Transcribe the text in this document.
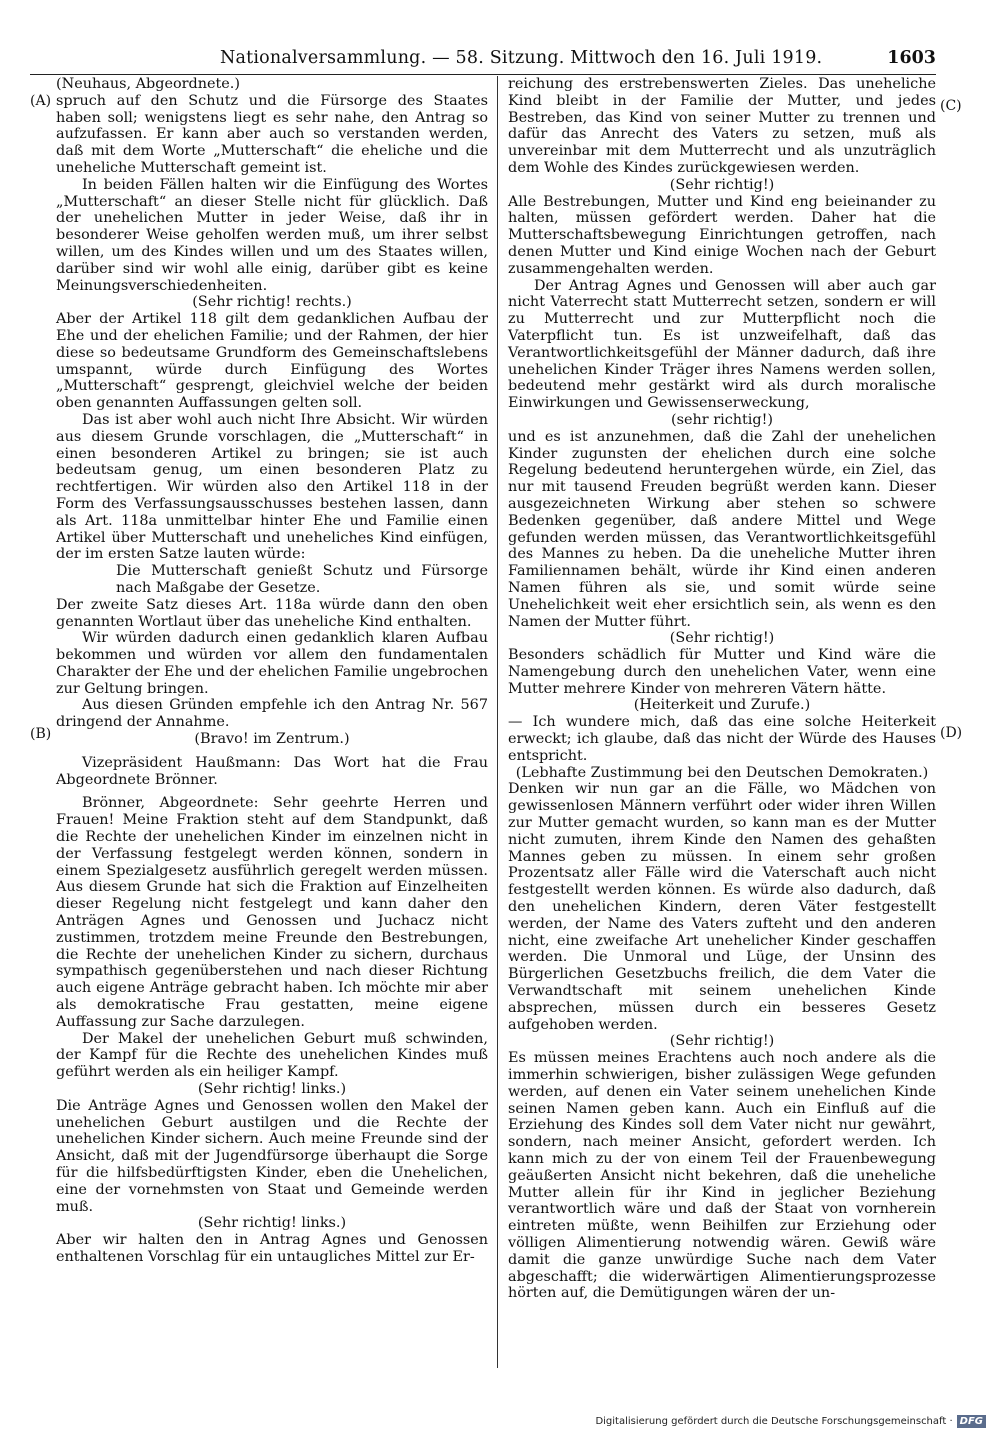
Nationalversammlung. — 58. Sitzung. Mittwoch den 16. Juli 1919.	1603
(A)
(B)
(C)
(D)

(Neuhaus, Abgeordnete.)

spruch auf den Schutz und die Fürsorge des Staates haben soll; wenigstens liegt es sehr nahe, den Antrag so aufzufassen. Er kann aber auch so verstanden werden, daß mit dem Worte „Mutterschaft“ die eheliche und die uneheliche Mutterschaft gemeint ist.

In beiden Fällen halten wir die Einfügung des Wortes „Mutterschaft“ an dieser Stelle nicht für glücklich. Daß der unehelichen Mutter in jeder Weise, daß ihr in besonderer Weise geholfen werden muß, um ihrer selbst willen, um des Kindes willen und um des Staates willen, darüber sind wir wohl alle einig, darüber gibt es keine Meinungsverschiedenheiten.

(Sehr richtig! rechts.)

Aber der Artikel 118 gilt dem gedanklichen Aufbau der Ehe und der ehelichen Familie; und der Rahmen, der hier diese so bedeutsame Grundform des Gemeinschaftslebens umspannt, würde durch Einfügung des Wortes „Mutterschaft“ gesprengt, gleichviel welche der beiden oben genannten Auffassungen gelten soll.

Das ist aber wohl auch nicht Ihre Absicht. Wir würden aus diesem Grunde vorschlagen, die „Mutterschaft“ in einen besonderen Artikel zu bringen; sie ist auch bedeutsam genug, um einen besonderen Platz zu rechtfertigen. Wir würden also den Artikel 118 in der Form des Verfassungsausschusses bestehen lassen, dann als Art. 118a unmittelbar hinter Ehe und Familie einen Artikel über Mutterschaft und uneheliches Kind einfügen, der im ersten Satze lauten würde:

Die Mutterschaft genießt Schutz und Fürsorge nach Maßgabe der Gesetze.

Der zweite Satz dieses Art. 118a würde dann den oben genannten Wortlaut über das uneheliche Kind enthalten.

Wir würden dadurch einen gedanklich klaren Aufbau bekommen und würden vor allem den fundamentalen Charakter der Ehe und der ehelichen Familie ungebrochen zur Geltung bringen.

Aus diesen Gründen empfehle ich den Antrag Nr. 567 dringend der Annahme.

(Bravo! im Zentrum.)

Vizepräsident Haußmann: Das Wort hat die Frau Abgeordnete Brönner.

Brönner, Abgeordnete: Sehr geehrte Herren und Frauen! Meine Fraktion steht auf dem Standpunkt, daß die Rechte der unehelichen Kinder im einzelnen nicht in der Verfassung festgelegt werden können, sondern in einem Spezialgesetz ausführlich geregelt werden müssen. Aus diesem Grunde hat sich die Fraktion auf Einzelheiten dieser Regelung nicht festgelegt und kann daher den Anträgen Agnes und Genossen und Juchacz nicht zustimmen, trotzdem meine Freunde den Bestrebungen, die Rechte der unehelichen Kinder zu sichern, durchaus sympathisch gegenüberstehen und nach dieser Richtung auch eigene Anträge gebracht haben. Ich möchte mir aber als demokratische Frau gestatten, meine eigene Auffassung zur Sache darzulegen.

Der Makel der unehelichen Geburt muß schwinden, der Kampf für die Rechte des unehelichen Kindes muß geführt werden als ein heiliger Kampf.

(Sehr richtig! links.)

Die Anträge Agnes und Genossen wollen den Makel der unehelichen Geburt austilgen und die Rechte der unehelichen Kinder sichern. Auch meine Freunde sind der Ansicht, daß mit der Jugendfürsorge überhaupt die Sorge für die hilfsbedürftigsten Kinder, eben die Unehelichen, eine der vornehmsten von Staat und Gemeinde werden muß.

(Sehr richtig! links.)

Aber wir halten den in Antrag Agnes und Genossen enthaltenen Vorschlag für ein untaugliches Mittel zur Er-

reichung des erstrebenswerten Zieles. Das uneheliche Kind bleibt in der Familie der Mutter, und jedes Bestreben, das Kind von seiner Mutter zu trennen und dafür das Anrecht des Vaters zu setzen, muß als unvereinbar mit dem Mutterrecht und als unzuträglich dem Wohle des Kindes zurückgewiesen werden.

(Sehr richtig!)

Alle Bestrebungen, Mutter und Kind eng beieinander zu halten, müssen gefördert werden. Daher hat die Mutterschaftsbewegung Einrichtungen getroffen, nach denen Mutter und Kind einige Wochen nach der Geburt zusammengehalten werden.

Der Antrag Agnes und Genossen will aber auch gar nicht Vaterrecht statt Mutterrecht setzen, sondern er will zu Mutterrecht und zur Mutterpflicht noch die Vaterpflicht tun. Es ist unzweifelhaft, daß das Verantwortlichkeitsgefühl der Männer dadurch, daß ihre unehelichen Kinder Träger ihres Namens werden sollen, bedeutend mehr gestärkt wird als durch moralische Einwirkungen und Gewissenserweckung,

(sehr richtig!)

und es ist anzunehmen, daß die Zahl der unehelichen Kinder zugunsten der ehelichen durch eine solche Regelung bedeutend heruntergehen würde, ein Ziel, das nur mit tausend Freuden begrüßt werden kann. Dieser ausgezeichneten Wirkung aber stehen so schwere Bedenken gegenüber, daß andere Mittel und Wege gefunden werden müssen, das Verantwortlichkeitsgefühl des Mannes zu heben. Da die uneheliche Mutter ihren Familiennamen behält, würde ihr Kind einen anderen Namen führen als sie, und somit würde seine Unehelichkeit weit eher ersichtlich sein, als wenn es den Namen der Mutter führt.

(Sehr richtig!)

Besonders schädlich für Mutter und Kind wäre die Namengebung durch den unehelichen Vater, wenn eine Mutter mehrere Kinder von mehreren Vätern hätte.

(Heiterkeit und Zurufe.)

— Ich wundere mich, daß das eine solche Heiterkeit erweckt; ich glaube, daß das nicht der Würde des Hauses entspricht.

(Lebhafte Zustimmung bei den Deutschen Demokraten.)

Denken wir nun gar an die Fälle, wo Mädchen von gewissenlosen Männern verführt oder wider ihren Willen zur Mutter gemacht wurden, so kann man es der Mutter nicht zumuten, ihrem Kinde den Namen des gehaßten Mannes geben zu müssen. In einem sehr großen Prozentsatz aller Fälle wird die Vaterschaft auch nicht festgestellt werden können. Es würde also dadurch, daß den unehelichen Kindern, deren Väter festgestellt werden, der Name des Vaters zufteht und den anderen nicht, eine zweifache Art unehelicher Kinder geschaffen werden. Die Unmoral und Lüge, der Unsinn des Bürgerlichen Gesetzbuchs freilich, die dem Vater die Verwandtschaft mit seinem unehelichen Kinde absprechen, müssen durch ein besseres Gesetz aufgehoben werden.

(Sehr richtig!)

Es müssen meines Erachtens auch noch andere als die immerhin schwierigen, bisher zulässigen Wege gefunden werden, auf denen ein Vater seinem unehelichen Kinde seinen Namen geben kann. Auch ein Einfluß auf die Erziehung des Kindes soll dem Vater nicht nur gewährt, sondern, nach meiner Ansicht, gefordert werden. Ich kann mich zu der von einem Teil der Frauenbewegung geäußerten Ansicht nicht bekehren, daß die uneheliche Mutter allein für ihr Kind in jeglicher Beziehung verantwortlich wäre und daß der Staat von vornherein eintreten müßte, wenn Beihilfen zur Erziehung oder völligen Alimentierung notwendig wären. Gewiß wäre damit die ganze unwürdige Suche nach dem Vater abgeschafft; die widerwärtigen Alimentierungsprozesse hörten auf, die Demütigungen wären der un-

Digitalisierung gefördert durch die Deutsche Forschungsgemeinschaft · DFG
